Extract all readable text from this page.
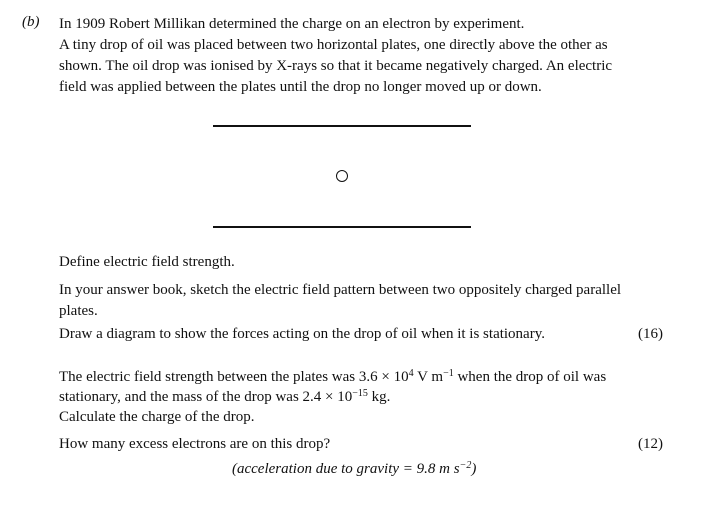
(b) In 1909 Robert Millikan determined the charge on an electron by experiment.
A tiny drop of oil was placed between two horizontal plates, one directly above the other as
shown. The oil drop was ionised by X-rays so that it became negatively charged. An electric
field was applied between the plates until the drop no longer moved up or down.
Define electric field strength.
In your answer book, sketch the electric field pattern between two oppositely charged parallel
plates.
Draw a diagram to show the forces acting on the drop of oil when it is stationary.	(16)
The electric field strength between the plates was $3.6 \times 10^4$ V $m^{-1}$ when the drop of oil was
stationary, and the mass of the drop was $2.4 \times 10^{-15}$ kg.
Calculate the charge of the drop.
How many excess electrons are on this drop?	(12)
(acceleration due to gravity = 9.8 m $s^{-2}$)
